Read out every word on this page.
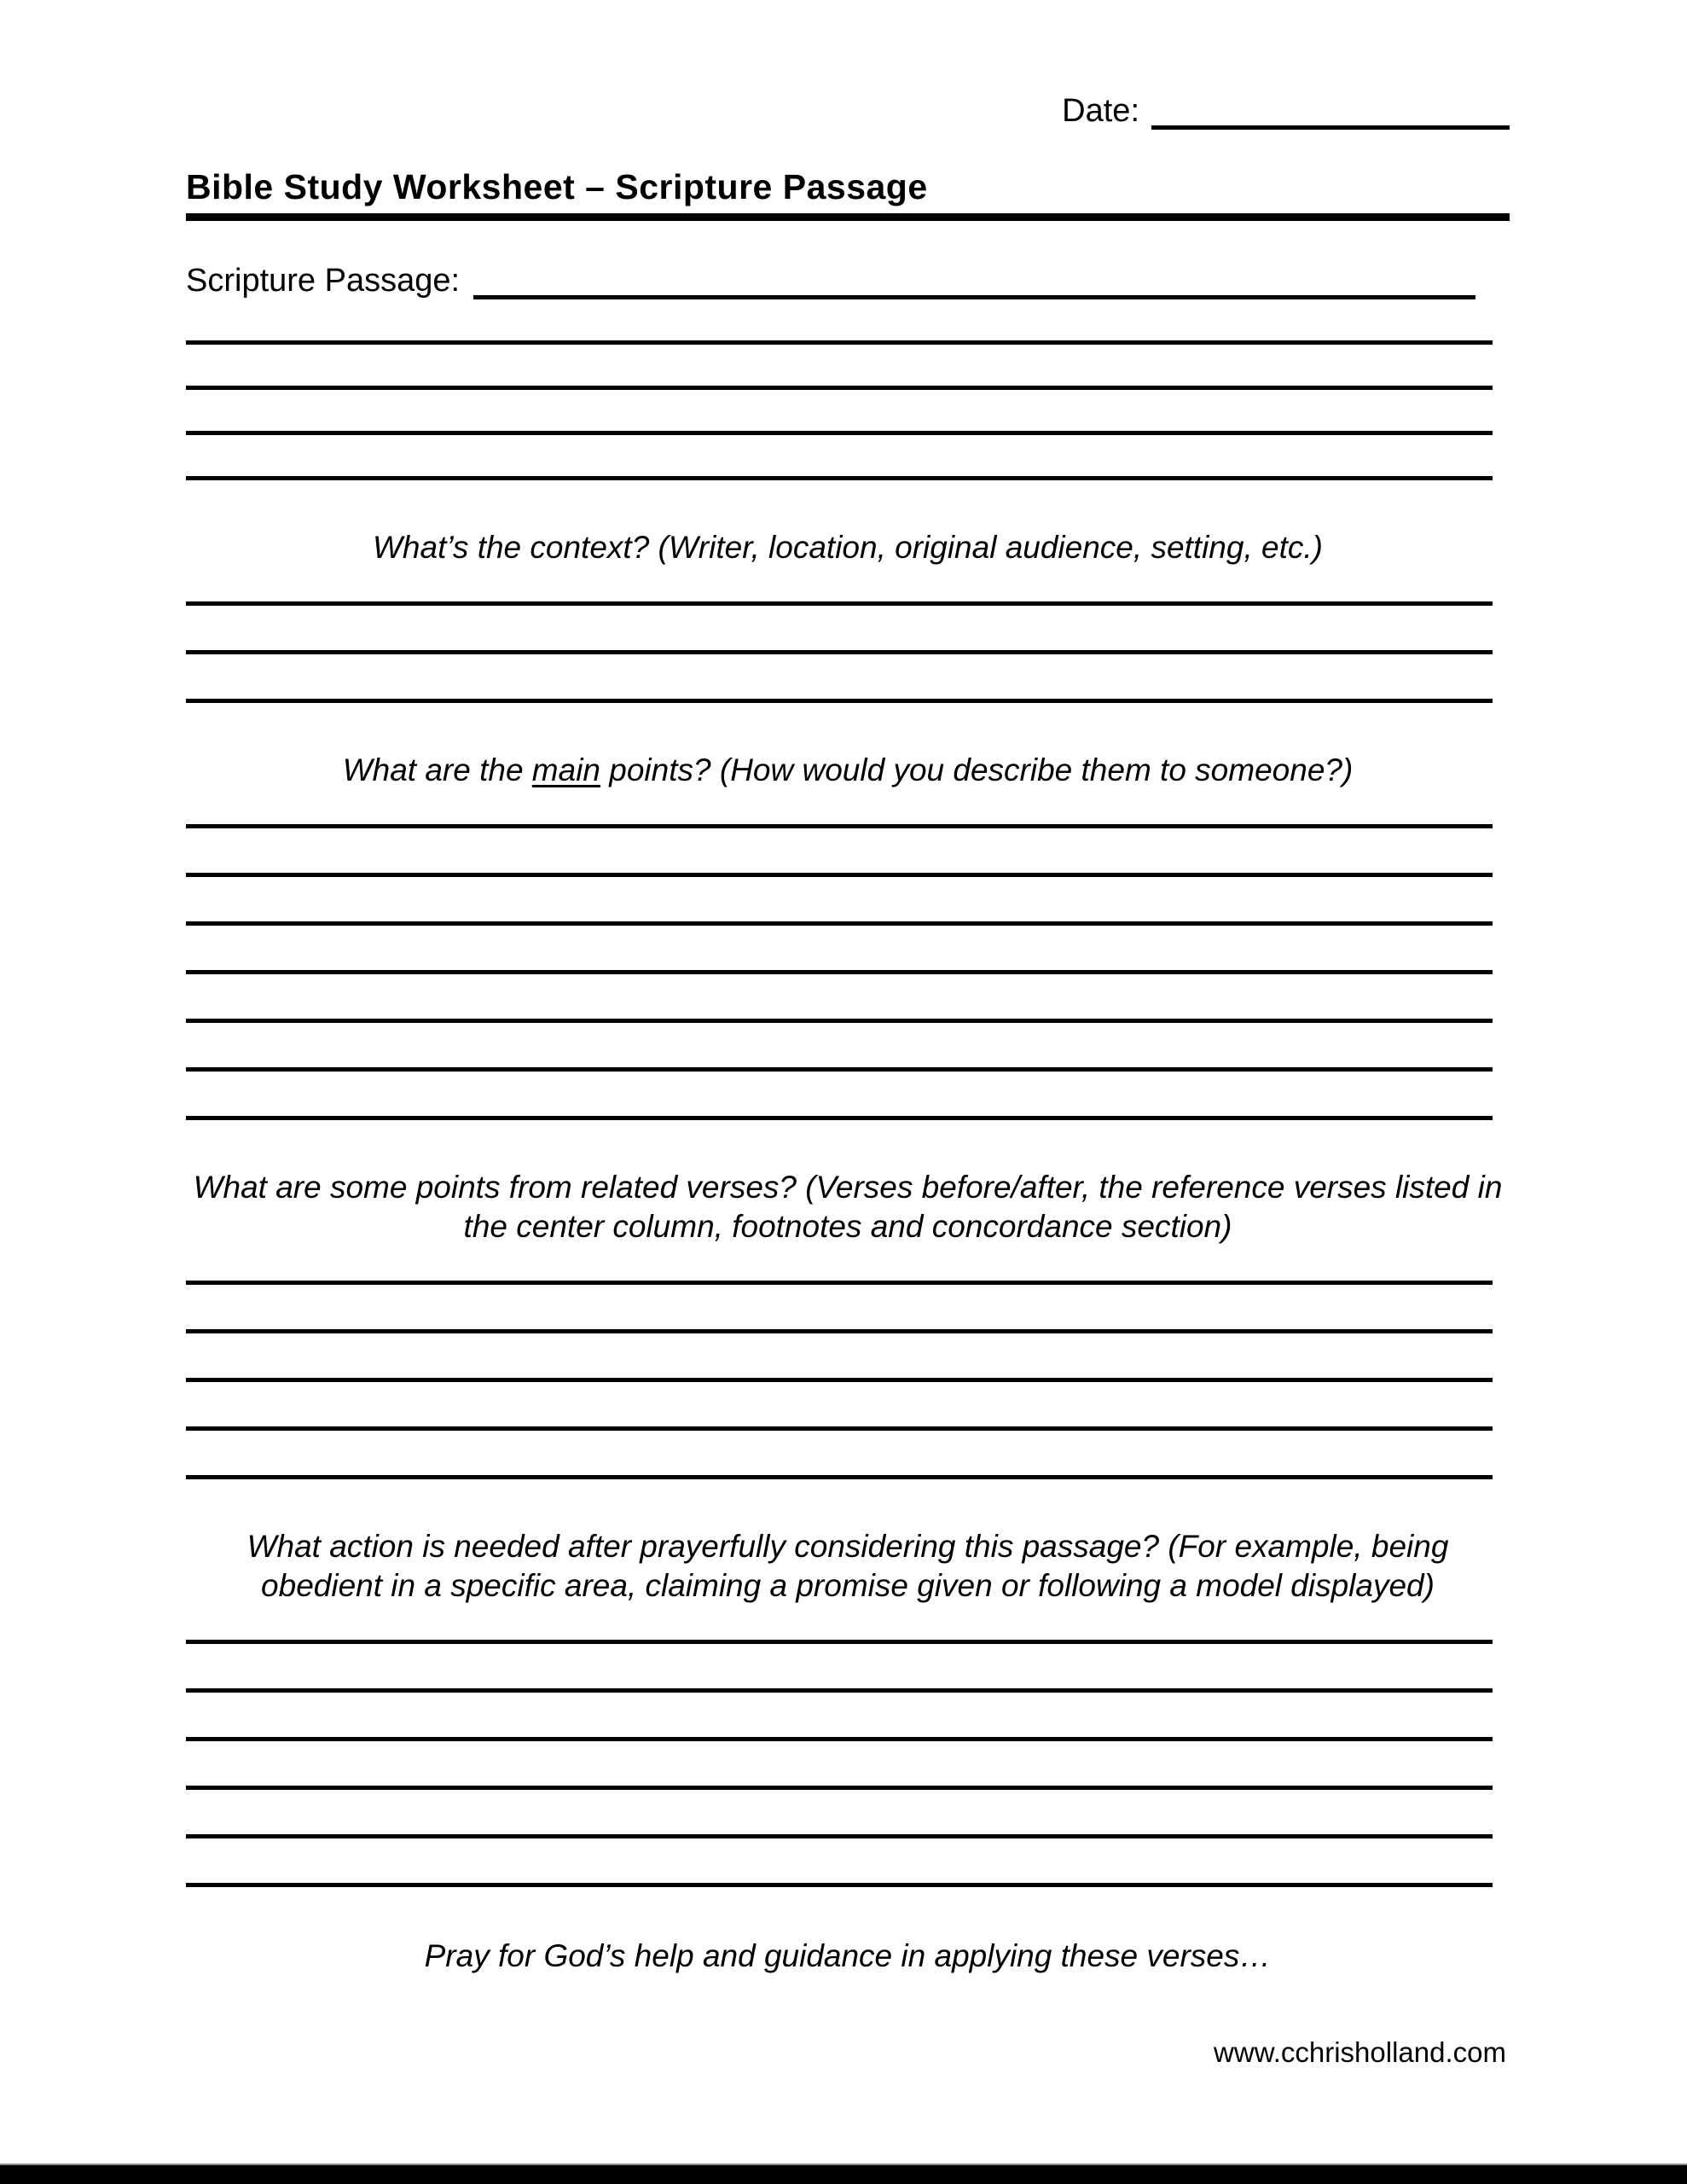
Date:
Bible Study Worksheet – Scripture Passage
Scripture Passage:
What’s the context? (Writer, location, original audience, setting, etc.)
What are the main points? (How would you describe them to someone?)
What are some points from related verses? (Verses before/after, the reference verses listed in the center column, footnotes and concordance section)
What action is needed after prayerfully considering this passage? (For example, being obedient in a specific area, claiming a promise given or following a model displayed)

Pray for God’s help and guidance in applying these verses…

www.cchrisholland.com
